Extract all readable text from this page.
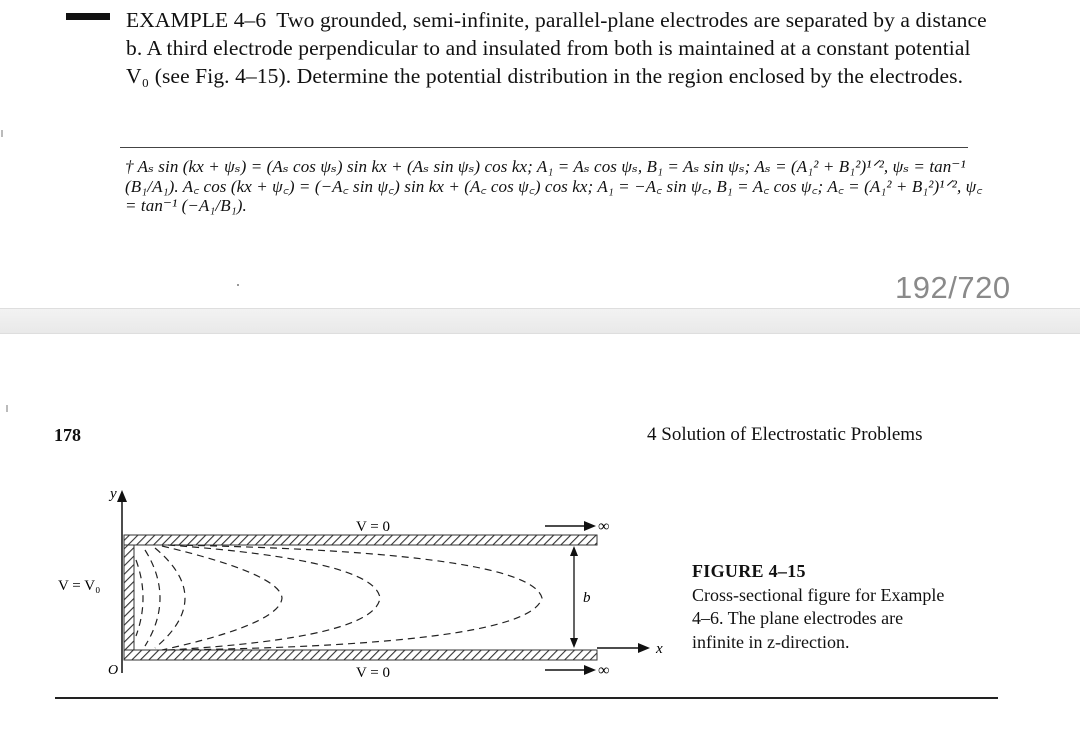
EXAMPLE 4–6 Two grounded, semi-infinite, parallel-plane electrodes are separated by a distance b. A third electrode perpendicular to and insulated from both is maintained at a constant potential V₀ (see Fig. 4–15). Determine the potential distribution in the region enclosed by the electrodes.
† Aₛ sin (kx + ψₛ) = (Aₛ cos ψₛ) sin kx + (Aₛ sin ψₛ) cos kx; A₁ = Aₛ cos ψₛ, B₁ = Aₛ sin ψₛ; Aₛ = (A₁² + B₁²)¹ᐟ², ψₛ = tan⁻¹ (B₁/A₁). A꜀ cos (kx + ψ꜀) = (−A꜀ sin ψ꜀) sin kx + (A꜀ cos ψ꜀) cos kx; A₁ = −A꜀ sin ψ꜀, B₁ = A꜀ cos ψ꜀; A꜀ = (A₁² + B₁²)¹ᐟ², ψ꜀ = tan⁻¹ (−A₁/B₁).
192/720
178	4 Solution of Electrostatic Problems
y
∞
∞
x
b
V = 0
V = 0
V = V₀
O
FIGURE 4–15
Cross-sectional figure for Example 4–6. The plane electrodes are infinite in z-direction.
